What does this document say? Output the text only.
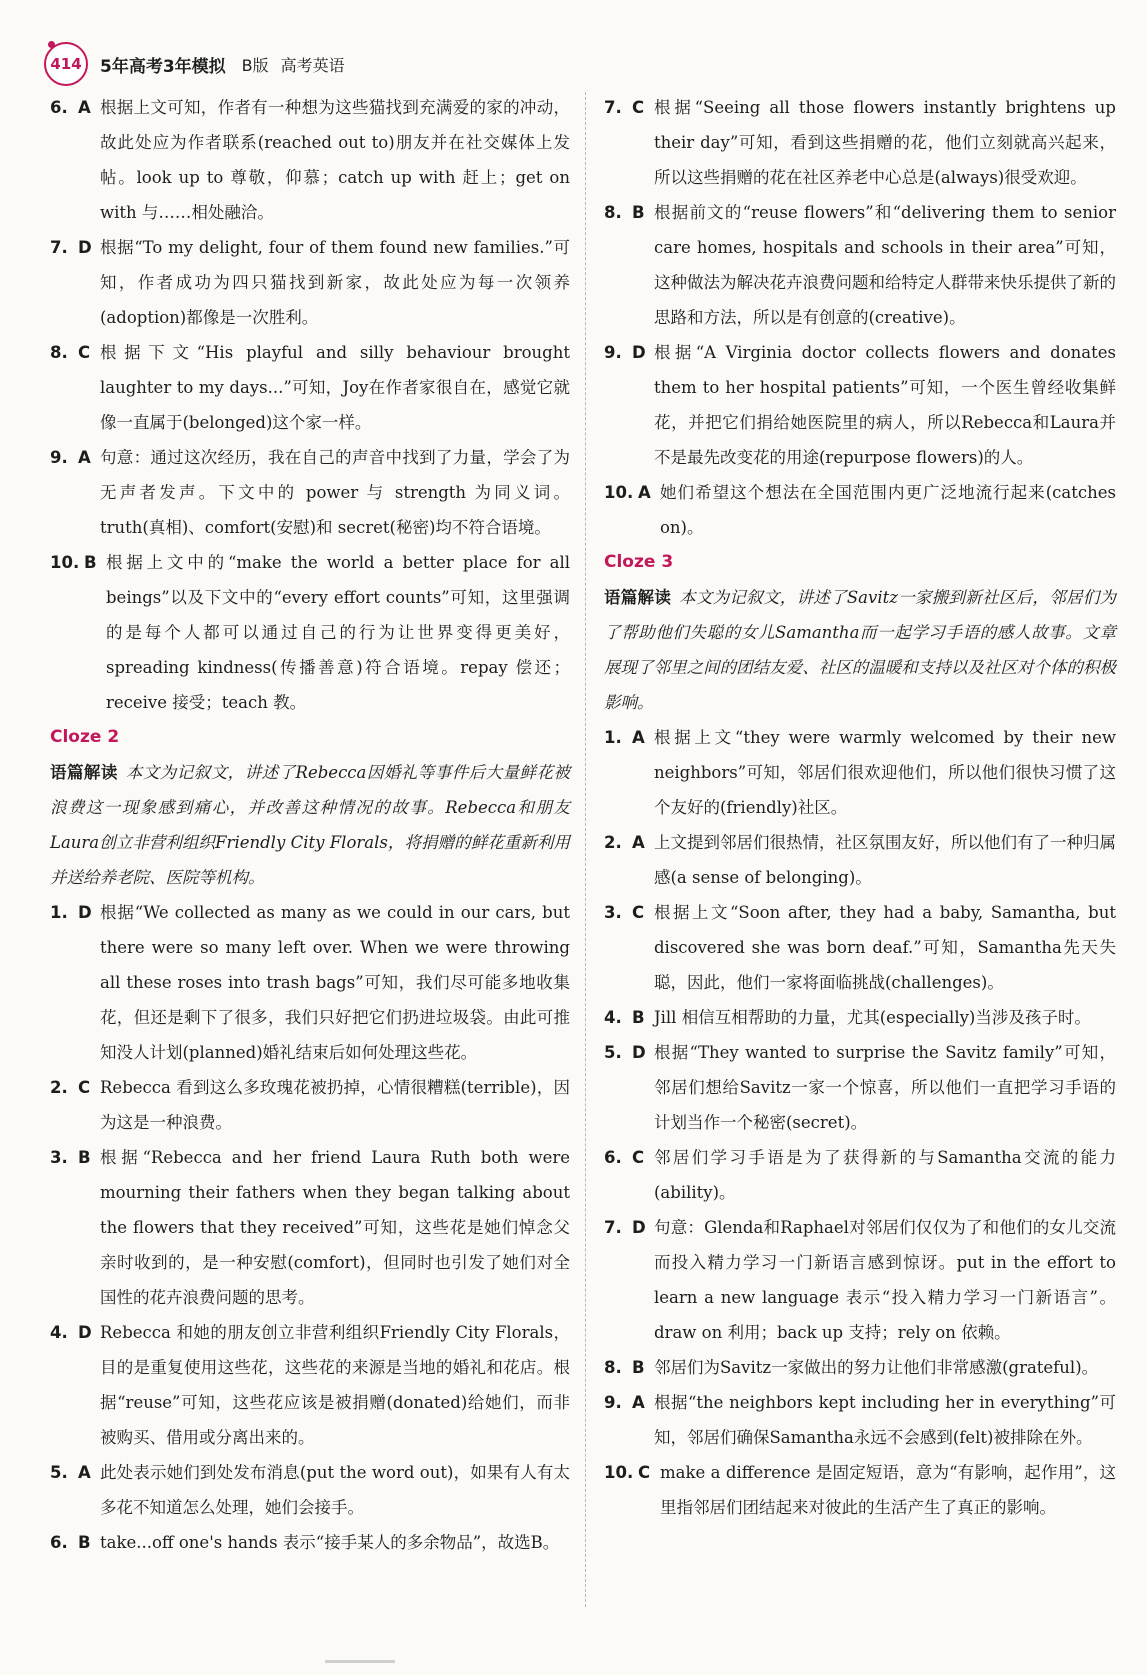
414 5年高考3年模拟 B版 高考英语
6. A 根据上文可知，作者有一种想为这些猫找到充满爱的家的冲动，故此处应为作者联系(reached out to)朋友并在社交媒体上发帖。look up to 尊敬，仰慕；catch up with 赶上；get on with 与……相处融洽。
7. D 根据“To my delight, four of them found new families.”可知，作者成功为四只猫找到新家，故此处应为每一次领养(adoption)都像是一次胜利。
8. C 根据下文“His playful and silly behaviour brought laughter to my days...”可知，Joy在作者家很自在，感觉它就像一直属于(belonged)这个家一样。
9. A 句意：通过这次经历，我在自己的声音中找到了力量，学会了为无声者发声。下文中的 power 与 strength 为同义词。truth(真相)、comfort(安慰)和 secret(秘密)均不符合语境。
10. B 根据上文中的“make the world a better place for all beings”以及下文中的“every effort counts”可知，这里强调的是每个人都可以通过自己的行为让世界变得更美好，spreading kindness(传播善意)符合语境。repay 偿还；receive 接受；teach 教。
Cloze 2
语篇解读 本文为记叙文，讲述了Rebecca因婚礼等事件后大量鲜花被浪费这一现象感到痛心，并改善这种情况的故事。Rebecca和朋友Laura创立非营利组织Friendly City Florals，将捐赠的鲜花重新利用并送给养老院、医院等机构。
1. D 根据“We collected as many as we could in our cars, but there were so many left over. When we were throwing all these roses into trash bags”可知，我们尽可能多地收集花，但还是剩下了很多，我们只好把它们扔进垃圾袋。由此可推知没人计划(planned)婚礼结束后如何处理这些花。
2. C Rebecca 看到这么多玫瑰花被扔掉，心情很糟糕(terrible)，因为这是一种浪费。
3. B 根据“Rebecca and her friend Laura Ruth both were mourning their fathers when they began talking about the flowers that they received”可知，这些花是她们悼念父亲时收到的，是一种安慰(comfort)，但同时也引发了她们对全国性的花卉浪费问题的思考。
4. D Rebecca 和她的朋友创立非营利组织Friendly City Florals，目的是重复使用这些花，这些花的来源是当地的婚礼和花店。根据“reuse”可知，这些花应该是被捐赠(donated)给她们，而非被购买、借用或分离出来的。
5. A 此处表示她们到处发布消息(put the word out)，如果有人有太多花不知道怎么处理，她们会接手。
6. B take...off one's hands 表示“接手某人的多余物品”，故选B。
7. C 根据“Seeing all those flowers instantly brightens up their day”可知，看到这些捐赠的花，他们立刻就高兴起来，所以这些捐赠的花在社区养老中心总是(always)很受欢迎。
8. B 根据前文的“reuse flowers”和“delivering them to senior care homes, hospitals and schools in their area”可知，这种做法为解决花卉浪费问题和给特定人群带来快乐提供了新的思路和方法，所以是有创意的(creative)。
9. D 根据“A Virginia doctor collects flowers and donates them to her hospital patients”可知，一个医生曾经收集鲜花，并把它们捐给她医院里的病人，所以Rebecca和Laura并不是最先改变花的用途(repurpose flowers)的人。
10. A 她们希望这个想法在全国范围内更广泛地流行起来(catches on)。
Cloze 3
语篇解读 本文为记叙文，讲述了Savitz一家搬到新社区后，邻居们为了帮助他们失聪的女儿Samantha而一起学习手语的感人故事。文章展现了邻里之间的团结友爱、社区的温暖和支持以及社区对个体的积极影响。
1. A 根据上文“they were warmly welcomed by their new neighbors”可知，邻居们很欢迎他们，所以他们很快习惯了这个友好的(friendly)社区。
2. A 上文提到邻居们很热情，社区氛围友好，所以他们有了一种归属感(a sense of belonging)。
3. C 根据上文“Soon after, they had a baby, Samantha, but discovered she was born deaf.”可知，Samantha先天失聪，因此，他们一家将面临挑战(challenges)。
4. B Jill 相信互相帮助的力量，尤其(especially)当涉及孩子时。
5. D 根据“They wanted to surprise the Savitz family”可知，邻居们想给Savitz一家一个惊喜，所以他们一直把学习手语的计划当作一个秘密(secret)。
6. C 邻居们学习手语是为了获得新的与Samantha交流的能力(ability)。
7. D 句意：Glenda和Raphael对邻居们仅仅为了和他们的女儿交流而投入精力学习一门新语言感到惊讶。put in the effort to learn a new language 表示“投入精力学习一门新语言”。draw on 利用；back up 支持；rely on 依赖。
8. B 邻居们为Savitz一家做出的努力让他们非常感激(grateful)。
9. A 根据“the neighbors kept including her in everything”可知，邻居们确保Samantha永远不会感到(felt)被排除在外。
10. C make a difference 是固定短语，意为“有影响，起作用”，这里指邻居们团结起来对彼此的生活产生了真正的影响。
